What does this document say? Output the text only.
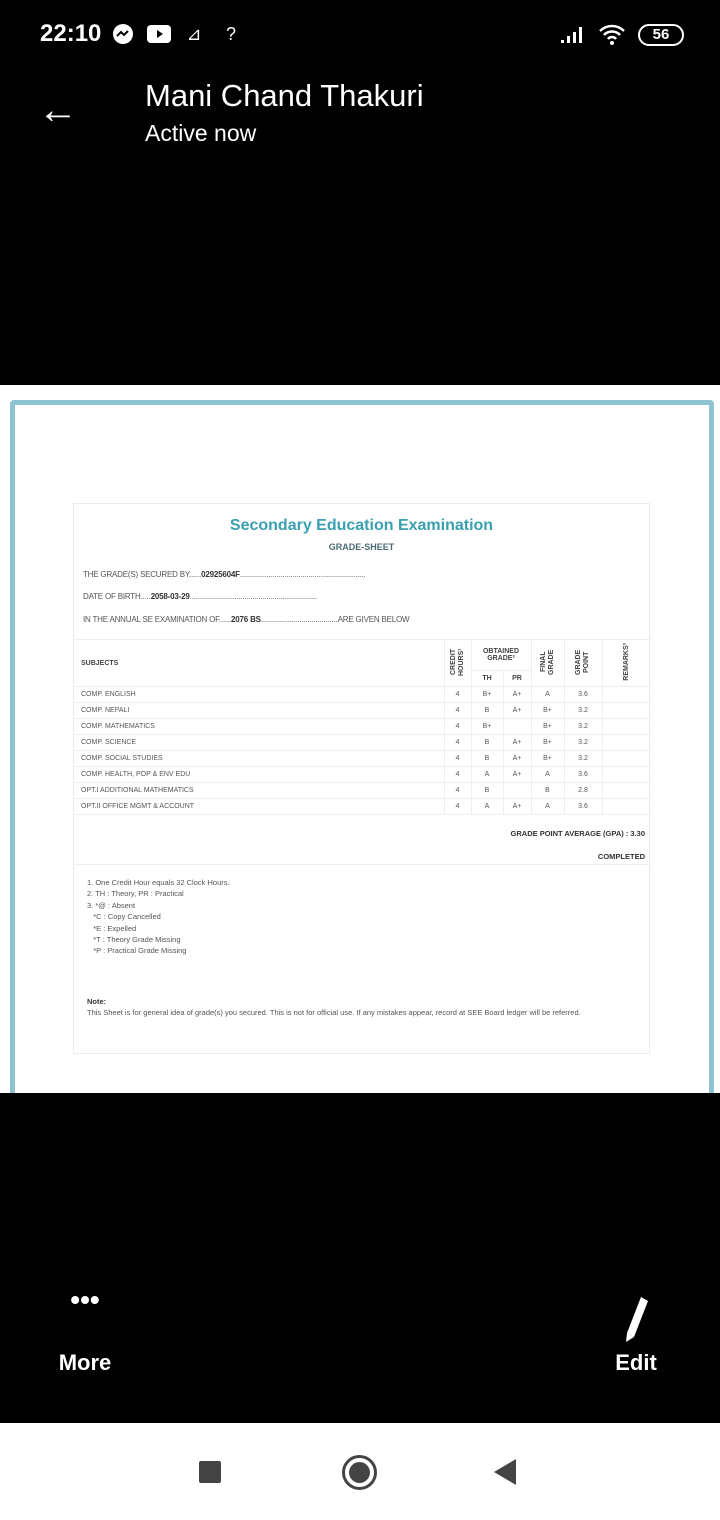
22:10	⊿ ?	56
← Mani Chand Thakuri
Active now
Secondary Education Examination
GRADE-SHEET
THE GRADE(S) SECURED BY......02925604F..............................................................
DATE OF BIRTH.....2058-03-29...............................................................
IN THE ANNUAL SE EXAMINATION OF......2076 BS......................................ARE GIVEN BELOW
SUBJECTS	CREDIT HOURS¹	OBTAINED GRADE²		FINAL GRADE	GRADE POINT	REMARKS³
		TH	PR			
COMP. ENGLISH	4	B+	A+	A	3.6	
COMP. NEPALI	4	B	A+	B+	3.2	
COMP. MATHEMATICS	4	B+		B+	3.2	
COMP. SCIENCE	4	B	A+	B+	3.2	
COMP. SOCIAL STUDIES	4	B	A+	B+	3.2	
COMP. HEALTH, POP & ENV EDU	4	A	A+	A	3.6	
OPT.I ADDITIONAL MATHEMATICS	4	B		B	2.8	
OPT.II OFFICE MGMT & ACCOUNT	4	A	A+	A	3.6	
GRADE POINT AVERAGE (GPA) : 3.30
COMPLETED
1. One Credit Hour equals 32 Clock Hours.
2. TH : Theory, PR : Practical
3. *@ : Absent
*C : Copy Cancelled
*E : Expelled
*T : Theory Grade Missing
*P : Practical Grade Missing
Note:
This Sheet is for general idea of grade(s) you secured. This is not for official use. If any mistakes appear, record at SEE Board ledger will be referred.
•••
More	Edit
